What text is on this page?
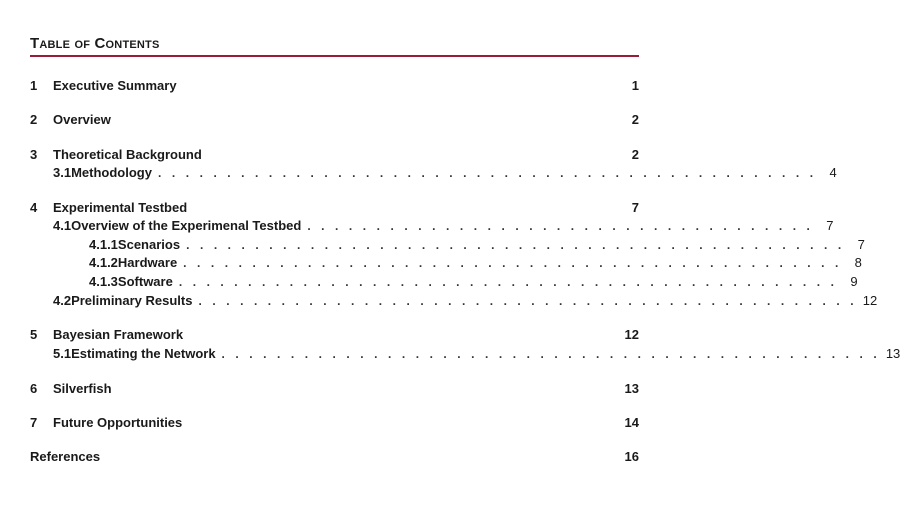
Table of Contents
1	Executive Summary	1
2	Overview	2
3	Theoretical Background	2
3.1 Methodology . . . . . . . . . . . . . . . . . . . . . . . . . . . . . . . . . . . . . . . . . . . . . . . . 4
4	Experimental Testbed	7
4.1 Overview of the Experimenal Testbed . . . . . . . . . . . . . . . . . . . . . . . . . . . . . . . . . . . . . 7
4.1.1 Scenarios . . . . . . . . . . . . . . . . . . . . . . . . . . . . . . . . . . . . . . . . . . . . . . . . 7
4.1.2 Hardware . . . . . . . . . . . . . . . . . . . . . . . . . . . . . . . . . . . . . . . . . . . . . . . . 8
4.1.3 Software . . . . . . . . . . . . . . . . . . . . . . . . . . . . . . . . . . . . . . . . . . . . . . . . 9
4.2 Preliminary Results . . . . . . . . . . . . . . . . . . . . . . . . . . . . . . . . . . . . . . . . . . . . . . . . 12
5	Bayesian Framework	12
5.1 Estimating the Network . . . . . . . . . . . . . . . . . . . . . . . . . . . . . . . . . . . . . . . . . . . . . . . . 13
6	Silverfish	13
7	Future Opportunities	14
References	16
